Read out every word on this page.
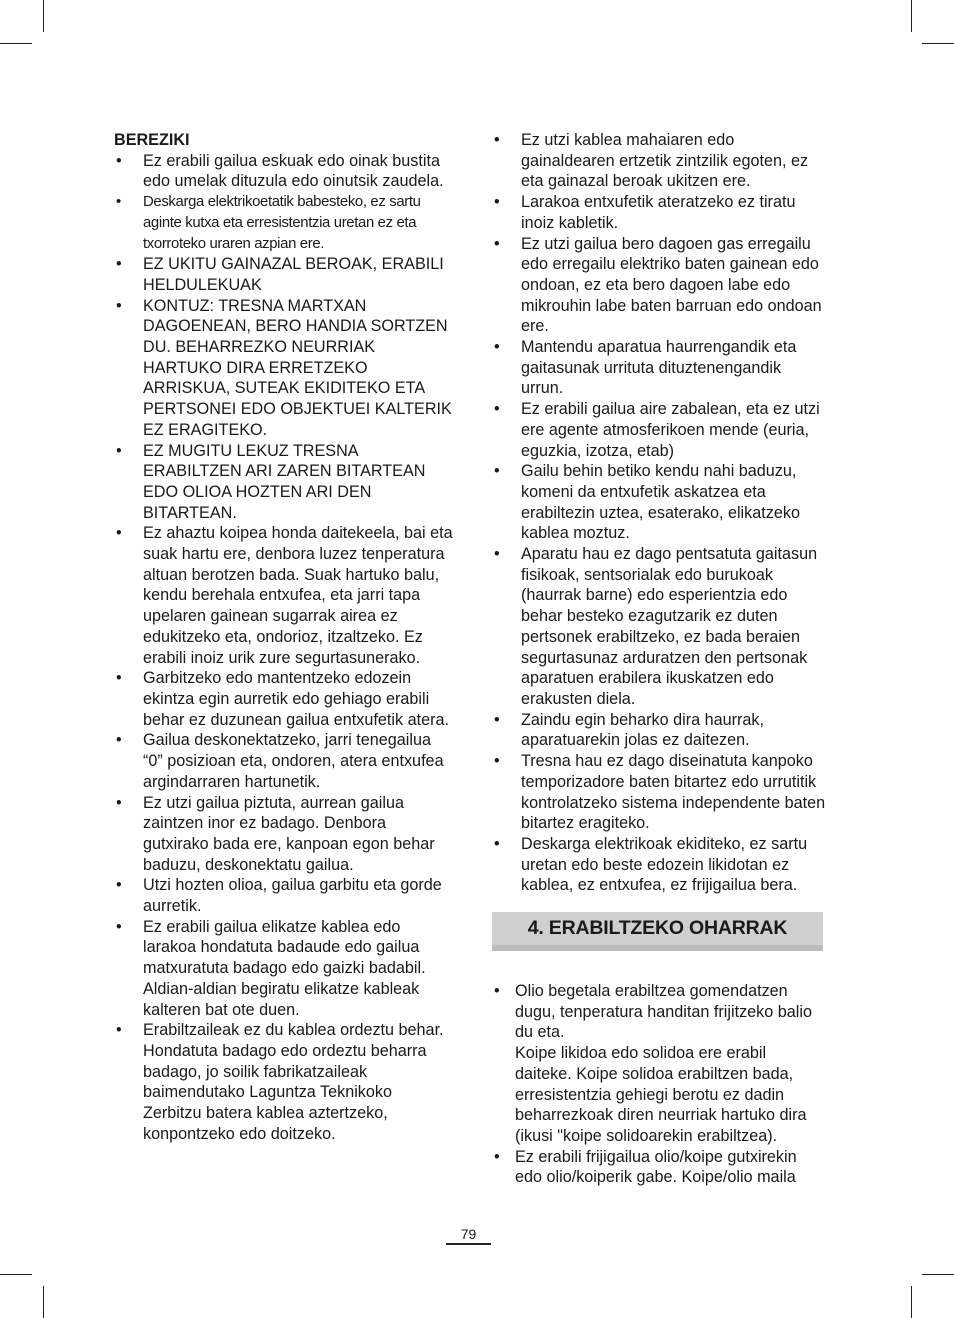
BEREZIKI

• Ez erabili gailua eskuak edo oinak bustita edo umelak dituzula edo oinutsik zaudela.
• Deskarga elektrikoetatik babesteko, ez sartu aginte kutxa eta erresistentzia uretan ez eta txorroteko uraren azpian ere.
• EZ UKITU GAINAZAL BEROAK, ERABILI HELDULEKUAK
• KONTUZ: TRESNA MARTXAN DAGOENEAN, BERO HANDIA SORTZEN DU. BEHARREZKO NEURRIAK HARTUKO DIRA ERRETZEKO ARRISKUA, SUTEAK EKIDITEKO ETA PERTSONEI EDO OBJEKTUEI KALTERIK EZ ERAGITEKO.
• EZ MUGITU LEKUZ TRESNA ERABILTZEN ARI ZAREN BITARTEAN EDO OLIOA HOZTEN ARI DEN BITARTEAN.
• Ez ahaztu koipea honda daitekeela, bai eta suak hartu ere, denbora luzez tenperatura altuan berotzen bada. Suak hartuko balu, kendu berehala entxufea, eta jarri tapa upelaren gainean sugarrak airea ez edukitzeko eta, ondorioz, itzaltzeko. Ez erabili inoiz urik zure segurtasunerako.
• Garbitzeko edo mantentzeko edozein ekintza egin aurretik edo gehiago erabili behar ez duzunean gailua entxufetik atera.
• Gailua deskonektatzeko, jarri tenegailua “0” posizioan eta, ondoren, atera entxufea argindarraren hartunetik.
• Ez utzi gailua piztuta, aurrean gailua zaintzen inor ez badago. Denbora gutxirako bada ere, kanpoan egon behar baduzu, deskonektatu gailua.
• Utzi hozten olioa, gailua garbitu eta gorde aurretik.
• Ez erabili gailua elikatze kablea edo larakoa hondatuta badaude edo gailua matxuratuta badago edo gaizki badabil. Aldian-aldian begiratu elikatze kableak kalteren bat ote duen.
• Erabiltzaileak ez du kablea ordeztu behar. Hondatuta badago edo ordeztu beharra badago, jo soilik fabrikatzaileak baimendutako Laguntza Teknikoko Zerbitzu batera kablea aztertzeko, konpontzeko edo doitzeko.
• Ez utzi kablea mahaiaren edo gainaldearen ertzetik zintzilik egoten, ez eta gainazal beroak ukitzen ere.
• Larakoa entxufetik ateratzeko ez tiratu inoiz kabletik.
• Ez utzi gailua bero dagoen gas erregailu edo erregailu elektriko baten gainean edo ondoan, ez eta bero dagoen labe edo mikrouhin labe baten barruan edo ondoan ere.
• Mantendu aparatua haurrengandik eta gaitasunak urrituta dituztenengandik urrun.
• Ez erabili gailua aire zabalean, eta ez utzi ere agente atmosferikoen mende (euria, eguzkia, izotza, etab)
• Gailu behin betiko kendu nahi baduzu, komeni da entxufetik askatzea eta erabiltezin uztea, esaterako, elikatzeko kablea moztuz.
• Aparatu hau ez dago pentsatuta gaitasun fisikoak, sentsorialak edo burukoak (haurrak barne) edo esperientzia edo behar besteko ezagutzarik ez duten pertsonek erabiltzeko, ez bada beraien segurtasunaz arduratzen den pertsonak aparatuen erabilera ikuskatzen edo erakusten diela.
• Zaindu egin beharko dira haurrak, aparatuarekin jolas ez daitezen.
• Tresna hau ez dago diseinatuta kanpoko temporizadore baten bitartez edo urrutitik kontrolatzeko sistema independente baten bitartez eragiteko.
• Deskarga elektrikoak ekiditeko, ez sartu uretan edo beste edozein likidotan ez kablea, ez entxufea, ez frijigailua bera.
4. ERABILTZEKO OHARRAK
• Olio begetala erabiltzea gomendatzen dugu, tenperatura handitan frijitzeko balio du eta.
Koipe likidoa edo solidoa ere erabil daiteke. Koipe solidoa erabiltzen bada, erresistentzia gehiegi berotu ez dadin beharrezkoak diren neurriak hartuko dira (ikusi "koipe solidoarekin erabiltzea).
• Ez erabili frijigailua olio/koipe gutxirekin edo olio/koiperik gabe. Koipe/olio maila
79
